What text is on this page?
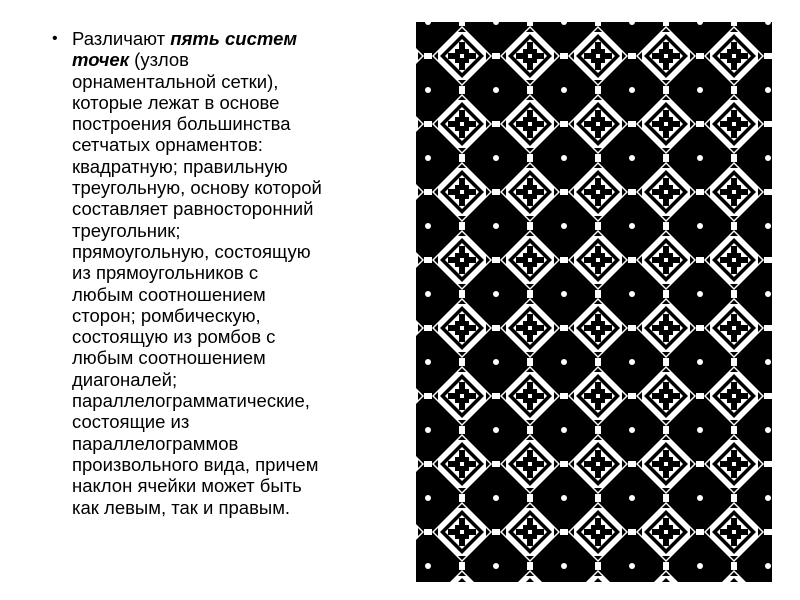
• Различают пять систем
точек (узлов
орнаментальной сетки),
которые лежат в основе
построения большинства
сетчатых орнаментов:
квадратную; правильную
треугольную, основу которой
составляет равносторонний
треугольник;
прямоугольную, состоящую
из прямоугольников с
любым соотношением
сторон; ромбическую,
состоящую из ромбов с
любым соотношением
диагоналей;
параллелограмматические,
состоящие из
параллелограммов
произвольного вида, причем
наклон ячейки может быть
как левым, так и правым.
